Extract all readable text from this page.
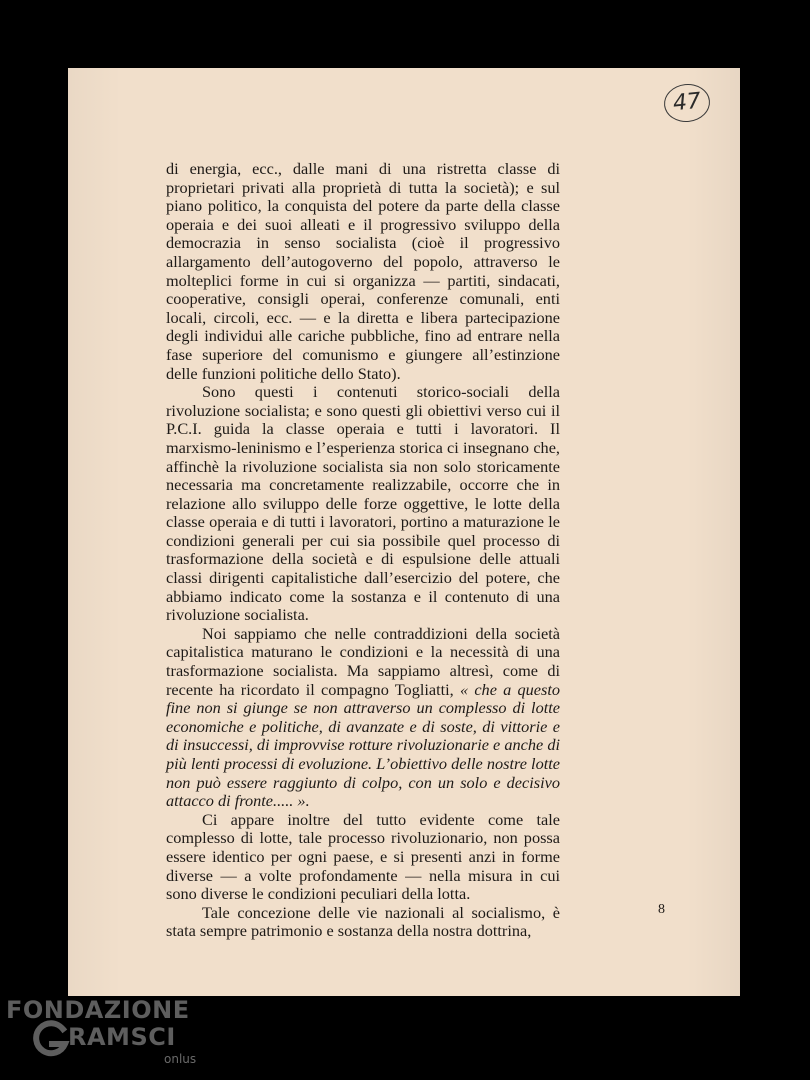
47

di energia, ecc., dalle mani di una ristretta classe di proprietari privati alla proprietà di tutta la società); e sul piano politico, la conquista del potere da parte della classe operaia e dei suoi alleati e il progressivo sviluppo della democrazia in senso socialista (cioè il progressivo allargamento dell’autogoverno del popolo, attraverso le molteplici forme in cui si organizza — partiti, sindacati, cooperative, consigli operai, conferenze comunali, enti locali, circoli, ecc. — e la diretta e libera partecipazione degli individui alle cariche pubbliche, fino ad entrare nella fase superiore del comunismo e giungere all’estinzione delle funzioni politiche dello Stato).

Sono questi i contenuti storico-sociali della rivoluzione socialista; e sono questi gli obiettivi verso cui il P.C.I. guida la classe operaia e tutti i lavoratori. Il marxismo-leninismo e l’esperienza storica ci insegnano che, affinchè la rivoluzione socialista sia non solo storicamente necessaria ma concretamente realizzabile, occorre che in relazione allo sviluppo delle forze oggettive, le lotte della classe operaia e di tutti i lavoratori, portino a maturazione le condizioni generali per cui sia possibile quel processo di trasformazione della società e di espulsione delle attuali classi dirigenti capitalistiche dall’esercizio del potere, che abbiamo indicato come la sostanza e il contenuto di una rivoluzione socialista.

Noi sappiamo che nelle contraddizioni della società capitalistica maturano le condizioni e la necessità di una trasformazione socialista. Ma sappiamo altresì, come di recente ha ricordato il compagno Togliatti, « che a questo fine non si giunge se non attraverso un complesso di lotte economiche e politiche, di avanzate e di soste, di vittorie e di insuccessi, di improvvise rotture rivoluzionarie e anche di più lenti processi di evoluzione. L’obiettivo delle nostre lotte non può essere raggiunto di colpo, con un solo e decisivo attacco di fronte..... ».

Ci appare inoltre del tutto evidente come tale complesso di lotte, tale processo rivoluzionario, non possa essere identico per ogni paese, e si presenti anzi in forme diverse — a volte profondamente — nella misura in cui sono diverse le condizioni peculiari della lotta.

Tale concezione delle vie nazionali al socialismo, è stata sempre patrimonio e sostanza della nostra dottrina,

8
FONDAZIONE
RAMSCI
onlus
